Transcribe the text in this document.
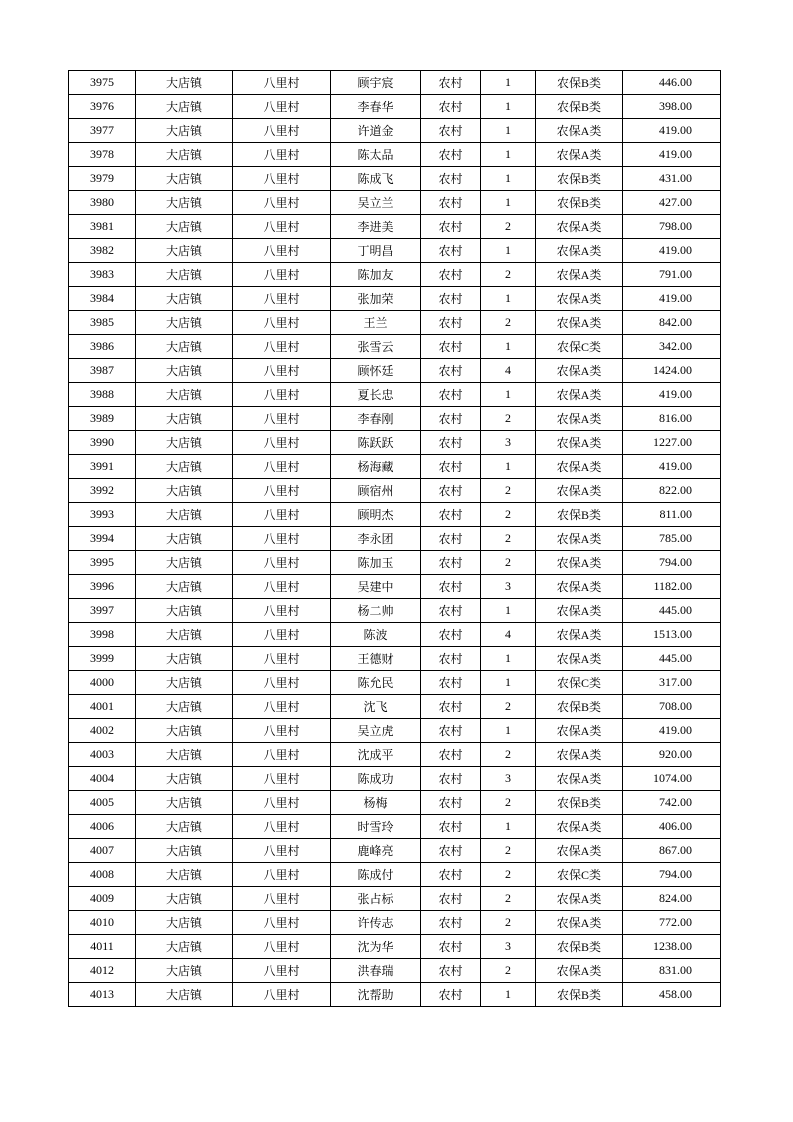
3975	大店镇	八里村	顾宇宸	农村	1	农保B类	446.00
3976	大店镇	八里村	李春华	农村	1	农保B类	398.00
3977	大店镇	八里村	许道金	农村	1	农保A类	419.00
3978	大店镇	八里村	陈太品	农村	1	农保A类	419.00
3979	大店镇	八里村	陈成飞	农村	1	农保B类	431.00
3980	大店镇	八里村	吴立兰	农村	1	农保B类	427.00
3981	大店镇	八里村	李进美	农村	2	农保A类	798.00
3982	大店镇	八里村	丁明昌	农村	1	农保A类	419.00
3983	大店镇	八里村	陈加友	农村	2	农保A类	791.00
3984	大店镇	八里村	张加荣	农村	1	农保A类	419.00
3985	大店镇	八里村	王兰	农村	2	农保A类	842.00
3986	大店镇	八里村	张雪云	农村	1	农保C类	342.00
3987	大店镇	八里村	顾怀廷	农村	4	农保A类	1424.00
3988	大店镇	八里村	夏长忠	农村	1	农保A类	419.00
3989	大店镇	八里村	李春刚	农村	2	农保A类	816.00
3990	大店镇	八里村	陈跃跃	农村	3	农保A类	1227.00
3991	大店镇	八里村	杨海藏	农村	1	农保A类	419.00
3992	大店镇	八里村	顾宿州	农村	2	农保A类	822.00
3993	大店镇	八里村	顾明杰	农村	2	农保B类	811.00
3994	大店镇	八里村	李永团	农村	2	农保A类	785.00
3995	大店镇	八里村	陈加玉	农村	2	农保A类	794.00
3996	大店镇	八里村	吴建中	农村	3	农保A类	1182.00
3997	大店镇	八里村	杨二帅	农村	1	农保A类	445.00
3998	大店镇	八里村	陈波	农村	4	农保A类	1513.00
3999	大店镇	八里村	王德财	农村	1	农保A类	445.00
4000	大店镇	八里村	陈允民	农村	1	农保C类	317.00
4001	大店镇	八里村	沈飞	农村	2	农保B类	708.00
4002	大店镇	八里村	吴立虎	农村	1	农保A类	419.00
4003	大店镇	八里村	沈成平	农村	2	农保A类	920.00
4004	大店镇	八里村	陈成功	农村	3	农保A类	1074.00
4005	大店镇	八里村	杨梅	农村	2	农保B类	742.00
4006	大店镇	八里村	时雪玲	农村	1	农保A类	406.00
4007	大店镇	八里村	鹿峰亮	农村	2	农保A类	867.00
4008	大店镇	八里村	陈成付	农村	2	农保C类	794.00
4009	大店镇	八里村	张占标	农村	2	农保A类	824.00
4010	大店镇	八里村	许传志	农村	2	农保A类	772.00
4011	大店镇	八里村	沈为华	农村	3	农保B类	1238.00
4012	大店镇	八里村	洪春瑞	农村	2	农保A类	831.00
4013	大店镇	八里村	沈帮助	农村	1	农保B类	458.00
